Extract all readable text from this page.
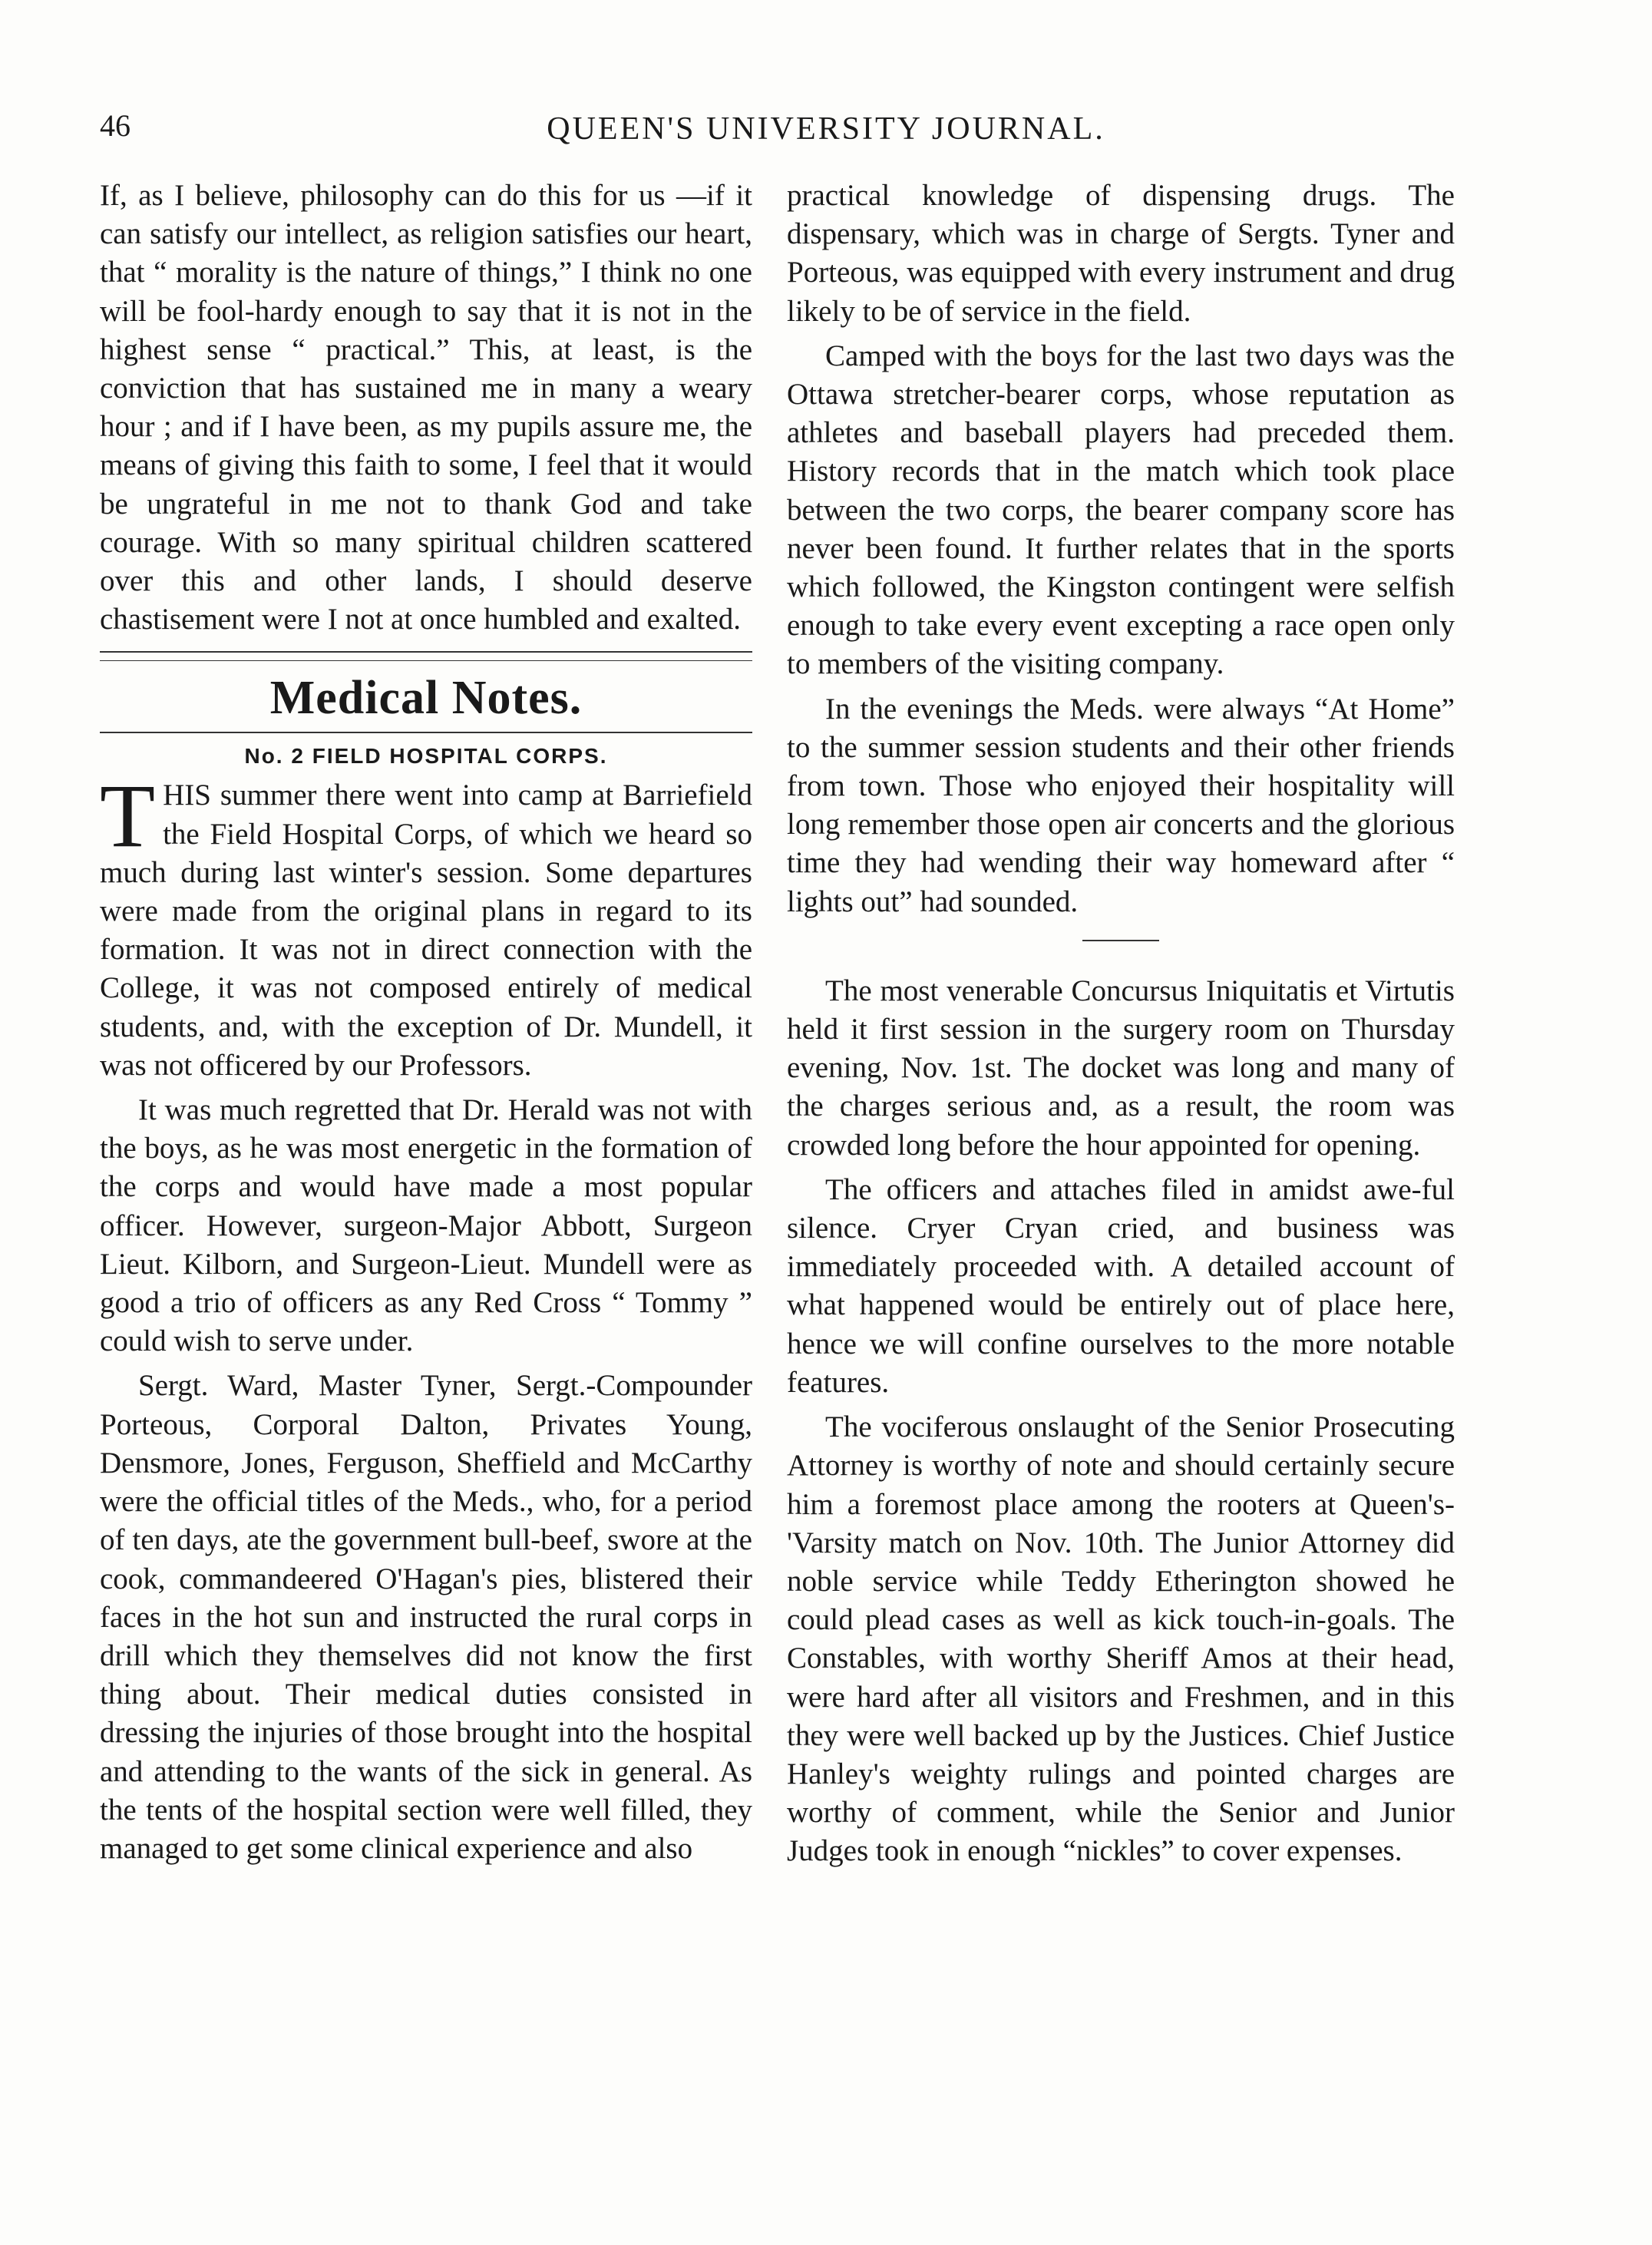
46	QUEEN'S UNIVERSITY JOURNAL.

If, as I believe, philosophy can do this for us —if it can satisfy our intellect, as religion satisfies our heart, that “ morality is the nature of things,” I think no one will be fool-hardy enough to say that it is not in the highest sense “ practical.” This, at least, is the conviction that has sustained me in many a weary hour ; and if I have been, as my pupils assure me, the means of giving this faith to some, I feel that it would be ungrateful in me not to thank God and take courage. With so many spiritual children scattered over this and other lands, I should deserve chastisement were I not at once humbled and exalted.

Medical Notes.
No. 2 FIELD HOSPITAL CORPS.

THIS summer there went into camp at Barriefield the Field Hospital Corps, of which we heard so much during last winter's session. Some departures were made from the original plans in regard to its formation. It was not in direct connection with the College, it was not composed entirely of medical students, and, with the exception of Dr. Mundell, it was not officered by our Professors.

It was much regretted that Dr. Herald was not with the boys, as he was most energetic in the formation of the corps and would have made a most popular officer. However, surgeon-Major Abbott, Surgeon Lieut. Kilborn, and Surgeon-Lieut. Mundell were as good a trio of officers as any Red Cross “ Tommy ” could wish to serve under.

Sergt. Ward, Master Tyner, Sergt.-Compounder Porteous, Corporal Dalton, Privates Young, Densmore, Jones, Ferguson, Sheffield and McCarthy were the official titles of the Meds., who, for a period of ten days, ate the government bull-beef, swore at the cook, commandeered O'Hagan's pies, blistered their faces in the hot sun and instructed the rural corps in drill which they themselves did not know the first thing about. Their medical duties consisted in dressing the injuries of those brought into the hospital and attending to the wants of the sick in general. As the tents of the hospital section were well filled, they managed to get some clinical experience and also

practical knowledge of dispensing drugs. The dispensary, which was in charge of Sergts. Tyner and Porteous, was equipped with every instrument and drug likely to be of service in the field.

Camped with the boys for the last two days was the Ottawa stretcher-bearer corps, whose reputation as athletes and baseball players had preceded them. History records that in the match which took place between the two corps, the bearer company score has never been found. It further relates that in the sports which followed, the Kingston contingent were selfish enough to take every event excepting a race open only to members of the visiting company.

In the evenings the Meds. were always “At Home” to the summer session students and their other friends from town. Those who enjoyed their hospitality will long remember those open air concerts and the glorious time they had wending their way homeward after “ lights out” had sounded.

The most venerable Concursus Iniquitatis et Virtutis held it first session in the surgery room on Thursday evening, Nov. 1st. The docket was long and many of the charges serious and, as a result, the room was crowded long before the hour appointed for opening.

The officers and attaches filed in amidst awe-ful silence. Cryer Cryan cried, and business was immediately proceeded with. A detailed account of what happened would be entirely out of place here, hence we will confine ourselves to the more notable features.

The vociferous onslaught of the Senior Prosecuting Attorney is worthy of note and should certainly secure him a foremost place among the rooters at Queen's-'Varsity match on Nov. 10th. The Junior Attorney did noble service while Teddy Etherington showed he could plead cases as well as kick touch-in-goals. The Constables, with worthy Sheriff Amos at their head, were hard after all visitors and Freshmen, and in this they were well backed up by the Justices. Chief Justice Hanley's weighty rulings and pointed charges are worthy of comment, while the Senior and Junior Judges took in enough “nickles” to cover expenses.
